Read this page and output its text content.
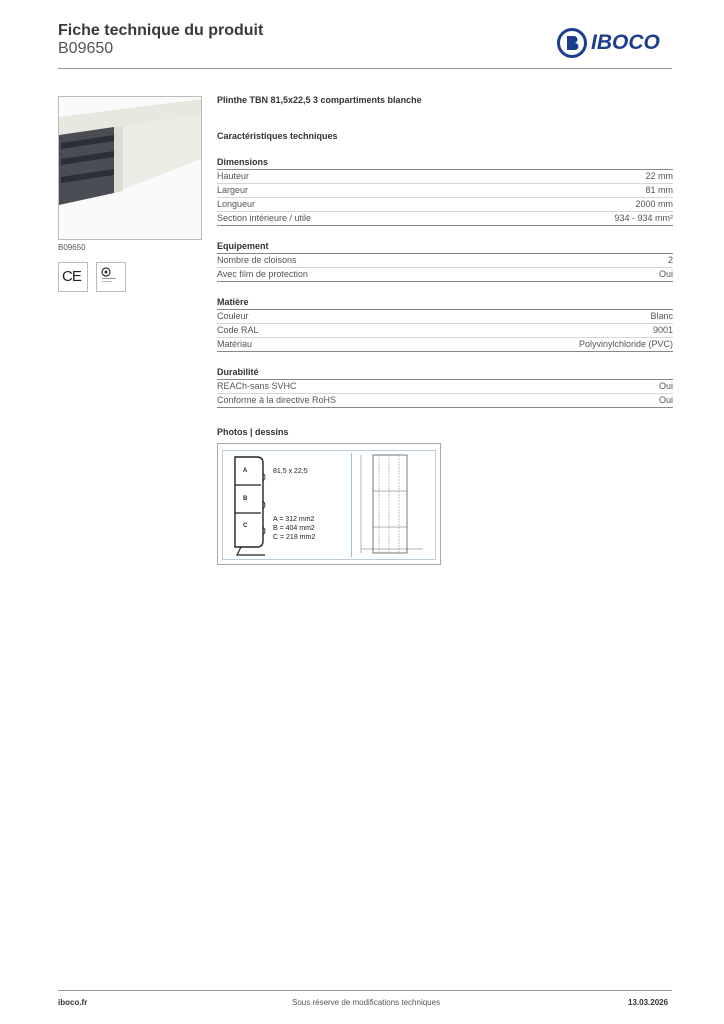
Fiche technique du produit
B09650	IBOCO
B09650
CE
Plinthe TBN 81,5x22,5 3 compartiments blanche
Caractéristiques techniques
Dimensions
Hauteur	22 mm
Largeur	81 mm
Longueur	2000 mm
Section intérieure / utile	934 - 934 mm²
Equipement
Nombre de cloisons	2
Avec film de protection	Oui
Matière
Couleur	Blanc
Code RAL	9001
Matériau	Polyvinylchloride (PVC)
Durabilité
REACh-sans SVHC	Oui
Conforme à la directive RoHS	Oui
Photos | dessins
A
B
C
81,5 x 22,5
A = 312 mm2
B = 404 mm2
C = 218 mm2
iboco.fr	Sous réserve de modifications techniques	13.03.2026
